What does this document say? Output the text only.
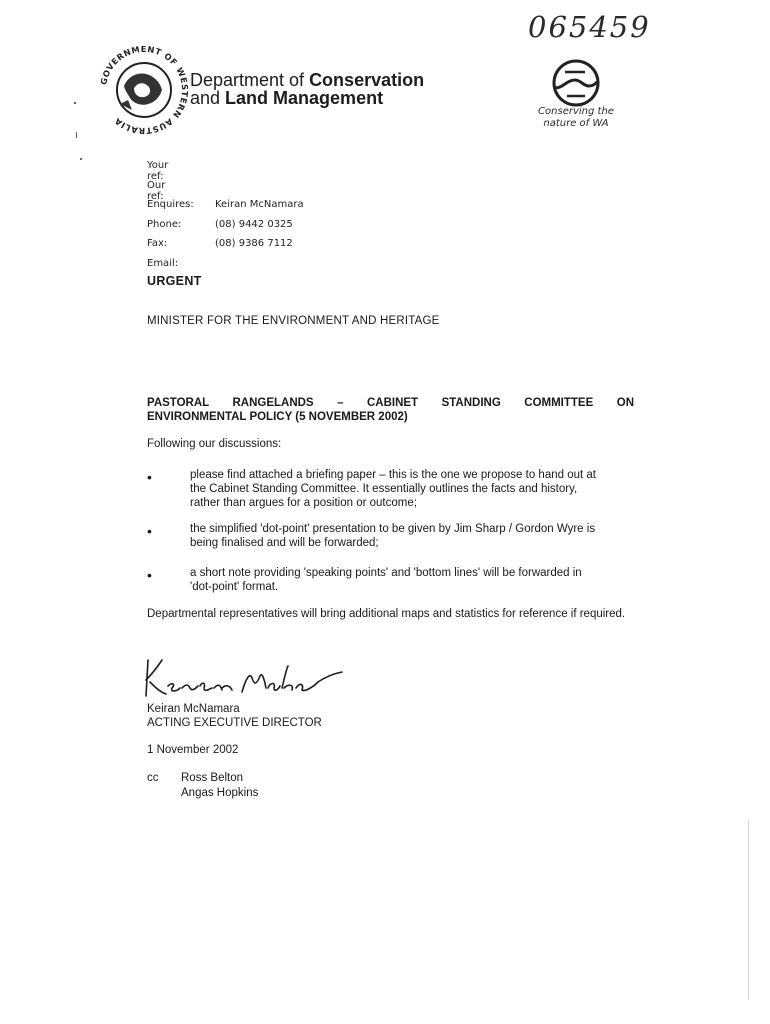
065459
GOVERNMENT OF WESTERN AUSTRALIA
Department of Conservation
and Land Management
Conserving the
nature of WA
Your ref:
Our ref:
Enquires: Keiran McNamara
Phone:	(08) 9442 0325
Fax:	(08) 9386 7112
Email:
URGENT
MINISTER FOR THE ENVIRONMENT AND HERITAGE
PASTORAL RANGELANDS – CABINET STANDING COMMITTEE ON
ENVIRONMENTAL POLICY (5 NOVEMBER 2002)
Following our discussions:
•	please find attached a briefing paper – this is the one we propose to hand out at
the Cabinet Standing Committee. It essentially outlines the facts and history,
rather than argues for a position or outcome;
•	the simplified 'dot-point' presentation to be given by Jim Sharp / Gordon Wyre is
being finalised and will be forwarded;
•	a short note providing 'speaking points' and 'bottom lines' will be forwarded in
'dot-point' format.
Departmental representatives will bring additional maps and statistics for reference if required.
Keiran McNamara
Keiran McNamara
ACTING EXECUTIVE DIRECTOR
1 November 2002
cc Ross Belton
Angas Hopkins
